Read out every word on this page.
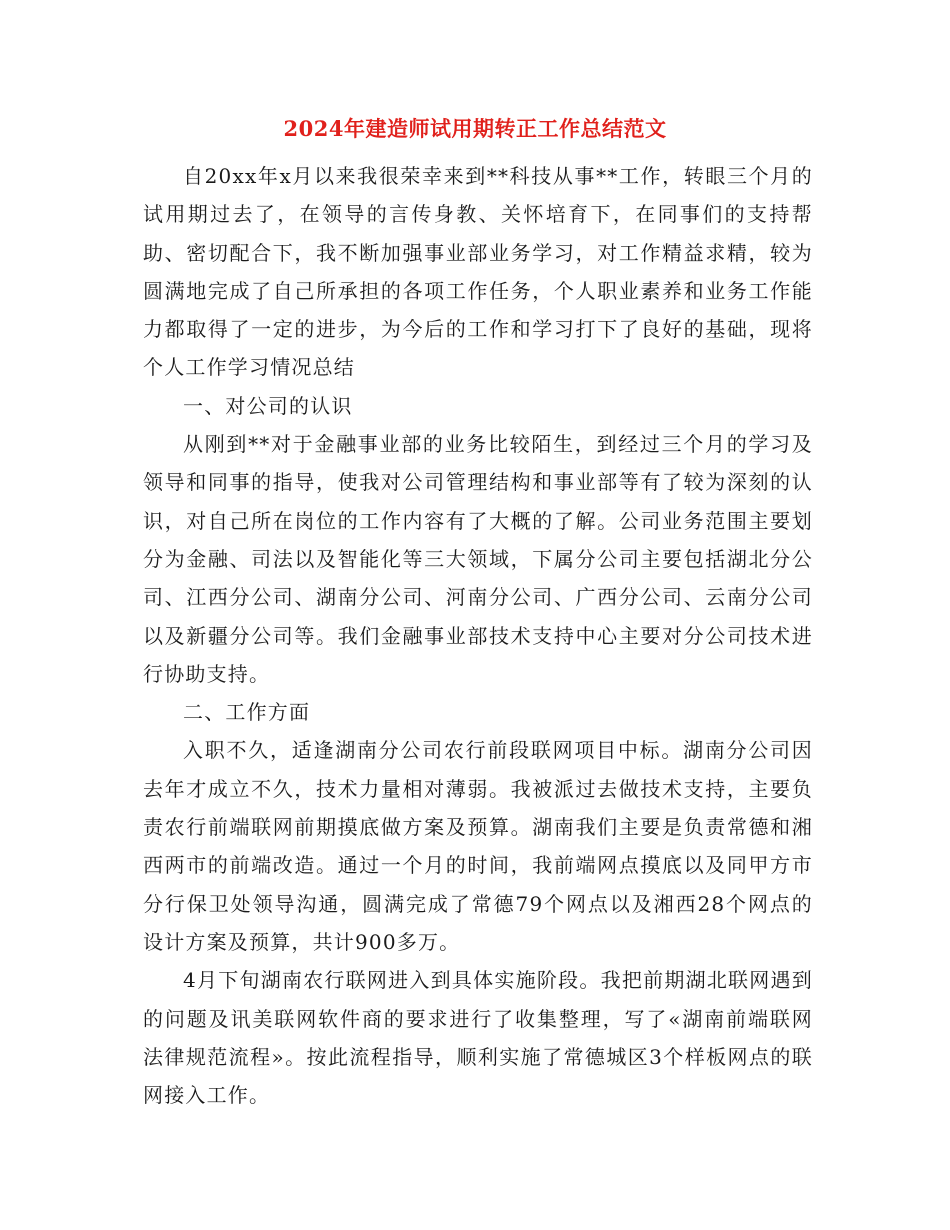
2024年建造师试用期转正工作总结范文

自20xx年x月以来我很荣幸来到**科技从事**工作，转眼三个月的试用期过去了，在领导的言传身教、关怀培育下，在同事们的支持帮助、密切配合下，我不断加强事业部业务学习，对工作精益求精，较为圆满地完成了自己所承担的各项工作任务，个人职业素养和业务工作能力都取得了一定的进步，为今后的工作和学习打下了良好的基础，现将个人工作学习情况总结

一、对公司的认识

从刚到**对于金融事业部的业务比较陌生，到经过三个月的学习及领导和同事的指导，使我对公司管理结构和事业部等有了较为深刻的认识，对自己所在岗位的工作内容有了大概的了解。公司业务范围主要划分为金融、司法以及智能化等三大领域，下属分公司主要包括湖北分公司、江西分公司、湖南分公司、河南分公司、广西分公司、云南分公司以及新疆分公司等。我们金融事业部技术支持中心主要对分公司技术进行协助支持。

二、工作方面

入职不久，适逢湖南分公司农行前段联网项目中标。湖南分公司因去年才成立不久，技术力量相对薄弱。我被派过去做技术支持，主要负责农行前端联网前期摸底做方案及预算。湖南我们主要是负责常德和湘西两市的前端改造。通过一个月的时间，我前端网点摸底以及同甲方市分行保卫处领导沟通，圆满完成了常德79个网点以及湘西28个网点的设计方案及预算，共计900多万。

4月下旬湖南农行联网进入到具体实施阶段。我把前期湖北联网遇到的问题及讯美联网软件商的要求进行了收集整理，写了«湖南前端联网法律规范流程»。按此流程指导，顺利实施了常德城区3个样板网点的联网接入工作。
